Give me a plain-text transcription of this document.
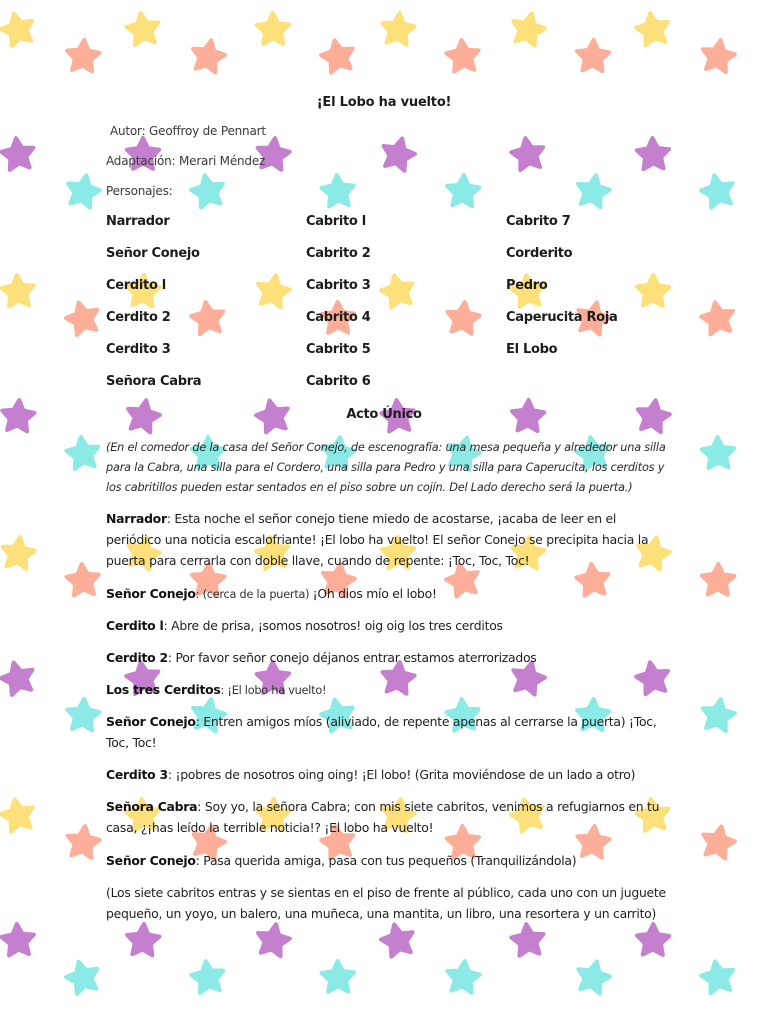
¡El Lobo ha vuelto!
Autor: Geoffroy de Pennart
Adaptación: Merari Méndez
Personajes:
Narrador
Señor Conejo
Cerdito l
Cerdito 2
Cerdito 3
Señora Cabra
Cabrito l
Cabrito 2
Cabrito 3
Cabrito 4
Cabrito 5
Cabrito 6
Cabrito 7
Corderito
Pedro
Caperucita Roja
El Lobo
Acto Único
(En el comedor de la casa del Señor Conejo, de escenografía: una mesa pequeña y alrededor una silla para la Cabra, una silla para el Cordero, una silla para Pedro y una silla para Caperucita, los cerditos y los cabritillos pueden estar sentados en el piso sobre un cojín. Del Lado derecho será la puerta.)
Narrador: Esta noche el señor conejo tiene miedo de acostarse, ¡acaba de leer en el periódico una noticia escalofriante! ¡El lobo ha vuelto! El señor Conejo se precipita hacia la puerta para cerrarla con doble llave, cuando de repente: ¡Toc, Toc, Toc!
Señor Conejo: (cerca de la puerta) ¡Oh dios mío el lobo!
Cerdito l: Abre de prisa, ¡somos nosotros! oig oig los tres cerditos
Cerdito 2: Por favor señor conejo déjanos entrar estamos aterrorizados
Los tres Cerditos: ¡El lobo ha vuelto!
Señor Conejo: Entren amigos míos (aliviado, de repente apenas al cerrarse la puerta) ¡Toc, Toc, Toc!
Cerdito 3: ¡pobres de nosotros oing oing! ¡El lobo! (Grita moviéndose de un lado a otro)
Señora Cabra: Soy yo, la señora Cabra; con mis siete cabritos, venimos a refugiarnos en tu casa, ¿¡has leído la terrible noticia!? ¡El lobo ha vuelto!
Señor Conejo: Pasa querida amiga, pasa con tus pequeños (Tranquilizándola)
(Los siete cabritos entras y se sientas en el piso de frente al público, cada uno con un juguete pequeño, un yoyo, un balero, una muñeca, una mantita, un libro, una resortera y un carrito)
